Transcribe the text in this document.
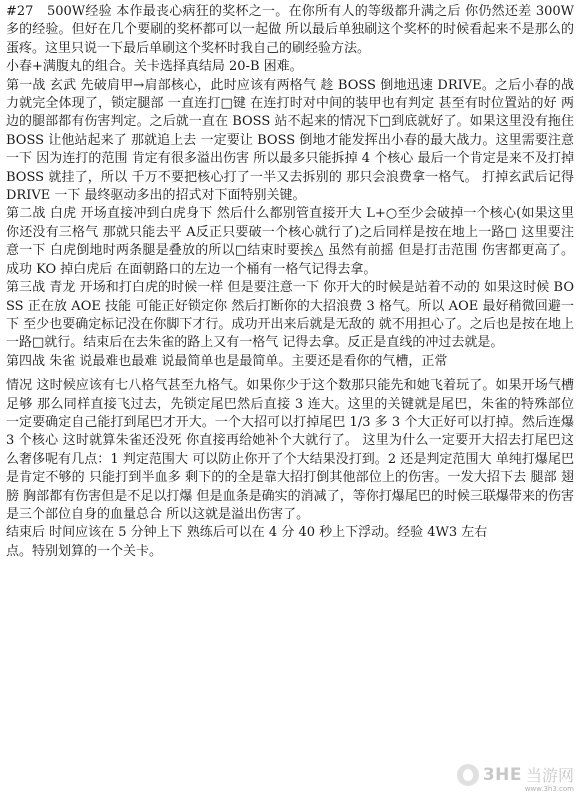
#27　500W经验 本作最丧心病狂的奖杯之一。在你所有人的等级都升满之后 你仍然还差 300W 多的经验。但好在几个要刷的奖杯都可以一起做 所以最后单独刷这个奖杯的时候看起来不是那么的蛋疼。这里只说一下最后单刷这个奖杯时我自己的刷经验方法。

小春+满腹丸的组合。关卡选择真结局 20-B 困难。

第一战 玄武 先破肩甲→肩部核心，此时应该有两格气 趁 BOSS 倒地迅速 DRIVE。之后小春的战力就完全体现了，锁定腿部 一直连打□键 在连打时对中间的装甲也有判定 甚至有时位置站的好 两边的腿部都有伤害判定。之后就一直在 BOSS 站不起来的情况下□到底就好了。如果这里没有拖住 BOSS 让他站起来了 那就追上去 一定要让 BOSS 倒地才能发挥出小春的最大战力。这里需要注意一下 因为连打的范围 肯定有很多溢出伤害 所以最多只能拆掉 4 个核心 最后一个肯定是来不及打掉 BOSS 就挂了，所以 千万不要把核心打了一半又去拆别的 那只会浪费拿一格气。 打掉玄武后记得 DRIVE 一下 最终驱动多出的招式对下面特别关键。

第二战 白虎 开场直接冲到白虎身下 然后什么都别管直接开大 L+○至少会破掉一个核心(如果这里你还没有三格气 那就只能去平 A反正只要破一个核心就行了)之后同样是按在地上一路□ 这里要注意一下 白虎倒地时两条腿是叠放的所以□结束时要挨△ 虽然有前摇 但是打击范围 伤害都更高了。成功 KO 掉白虎后 在面朝路口的左边一个桶有一格气记得去拿。

第三战 青龙 开场和打白虎的时候一样 但是要注意一下 你开大的时候是站着不动的 如果这时候 BOSS 正在放 AOE 技能 可能正好锁定你 然后打断你的大招浪费 3 格气。所以 AOE 最好稍微回避一下 至少也要确定标记没在你脚下才行。成功开出来后就是无敌的 就不用担心了。之后也是按在地上一路□就行。结束后在去朱雀的路上又有一格气 记得去拿。反正是直线的冲过去就是。

第四战 朱雀 说最难也最难 说最简单也是最简单。主要还是看你的气槽，正常

情况 这时候应该有七八格气甚至九格气。如果你少于这个数那只能先和她飞着玩了。如果开场气槽足够 那么同样直接飞过去，先锁定尾巴然后直接 3 连大。这里的关键就是尾巴，朱雀的特殊部位 一定要确定自己能打到尾巴才开大。一个大招可以打掉尾巴 1/3 多 3 个大正好可以打掉。然后连爆 3 个核心 这时就算朱雀还没死 你直接再给她补个大就行了。 这里为什么一定要开大招去打尾巴这么奢侈呢有几点：1 判定范围大 可以防止你开了个大结果没打到。2 还是判定范围大 单纯打爆尾巴是肯定不够的 只能打到半血多 剩下的的全是靠大招打倒其他部位上的伤害。一发大招下去 腿部 翅膀 胸部都有伤害但是不足以打爆 但是血条是确实的消减了，等你打爆尾巴的时候三联爆带来的伤害是三个部位自身的血量总合 所以这就是溢出伤害了。

结束后 时间应该在 5 分钟上下 熟练后可以在 4 分 40 秒上下浮动。经验 4W3 左右

点。特别划算的一个关卡。

3HE 当游网
www.3h3.com
